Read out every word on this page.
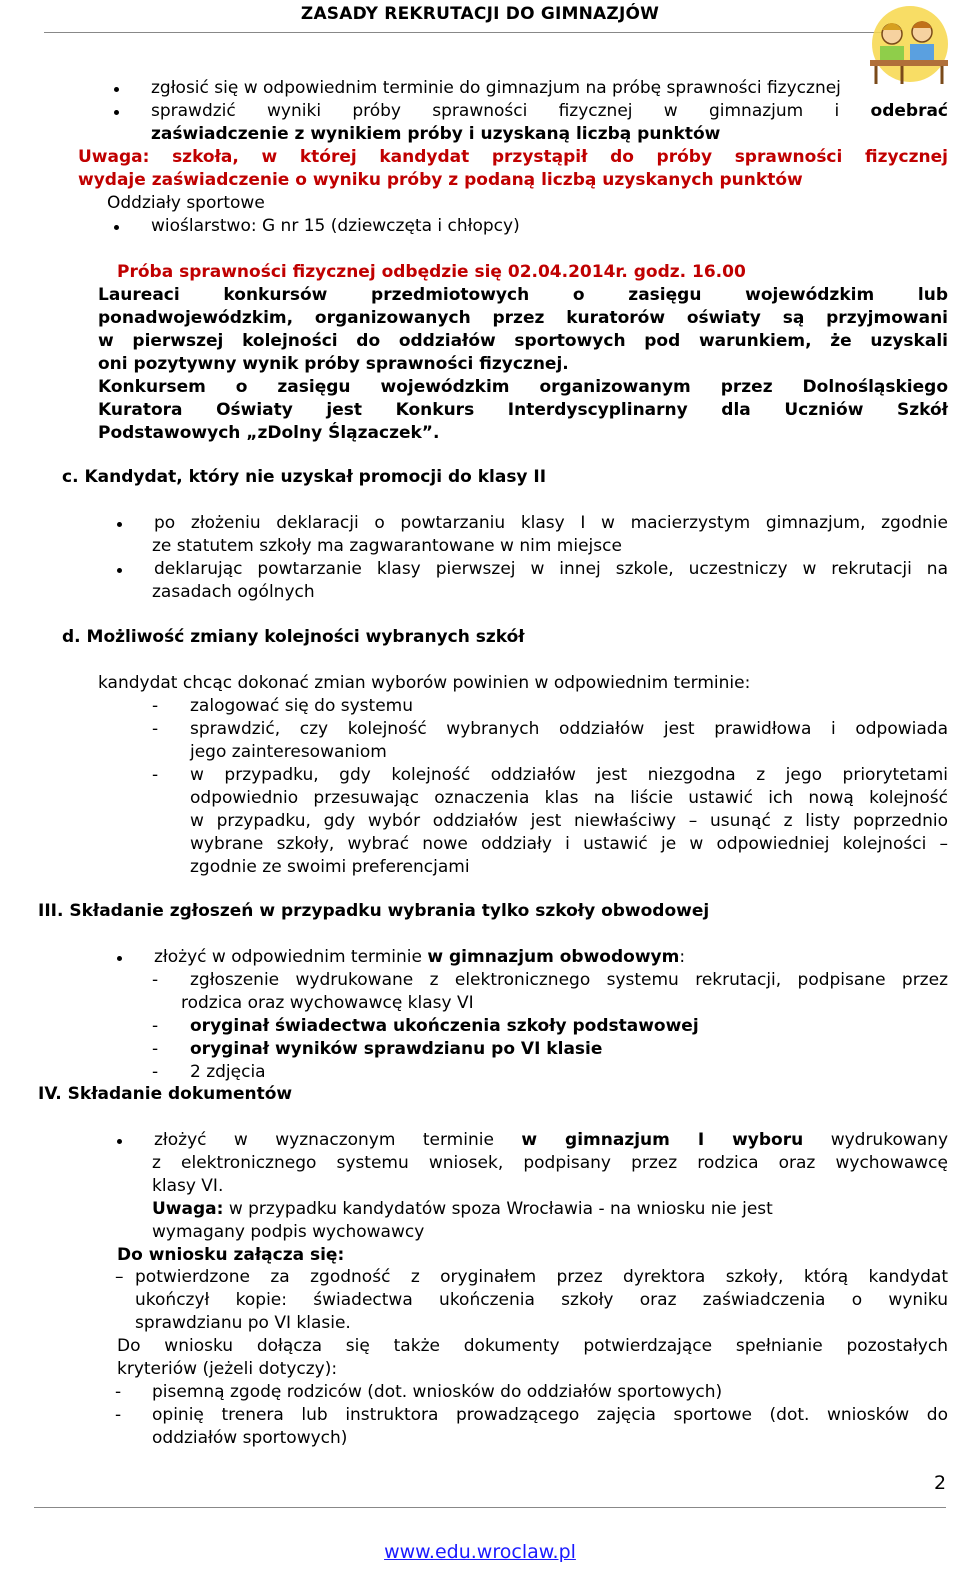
ZASADY REKRUTACJI DO GIMNAZJÓW
zgłosić się w odpowiednim terminie do gimnazjum na próbę sprawności fizycznej
sprawdzić wyniki próby sprawności fizycznej w gimnazjum i odebrać
zaświadczenie z wynikiem próby i uzyskaną liczbą punktów
Uwaga: szkoła, w której kandydat przystąpił do próby sprawności fizycznej
wydaje zaświadczenie o wyniku próby z podaną liczbą uzyskanych punktów
Oddziały sportowe
wioślarstwo: G nr 15 (dziewczęta i chłopcy)
Próba sprawności fizycznej odbędzie się 02.04.2014r. godz. 16.00
Laureaci konkursów przedmiotowych o zasięgu wojewódzkim lub
ponadwojewódzkim, organizowanych przez kuratorów oświaty są przyjmowani
w pierwszej kolejności do oddziałów sportowych pod warunkiem, że uzyskali
oni pozytywny wynik próby sprawności fizycznej.
Konkursem o zasięgu wojewódzkim organizowanym przez Dolnośląskiego
Kuratora Oświaty jest Konkurs Interdyscyplinarny dla Uczniów Szkół
Podstawowych „zDolny Ślązaczek”.
c. Kandydat, który nie uzyskał promocji do klasy II
po złożeniu deklaracji o powtarzaniu klasy I w macierzystym gimnazjum, zgodnie
ze statutem szkoły ma zagwarantowane w nim miejsce
deklarując powtarzanie klasy pierwszej w innej szkole, uczestniczy w rekrutacji na
zasadach ogólnych
d. Możliwość zmiany kolejności wybranych szkół
kandydat chcąc dokonać zmian wyborów powinien w odpowiednim terminie:
- zalogować się do systemu
- sprawdzić, czy kolejność wybranych oddziałów jest prawidłowa i odpowiada
jego zainteresowaniom
- w przypadku, gdy kolejność oddziałów jest niezgodna z jego priorytetami
odpowiednio przesuwając oznaczenia klas na liście ustawić ich nową kolejność
w przypadku, gdy wybór oddziałów jest niewłaściwy – usunąć z listy poprzednio
wybrane szkoły, wybrać nowe oddziały i ustawić je w odpowiedniej kolejności –
zgodnie ze swoimi preferencjami
III. Składanie zgłoszeń w przypadku wybrania tylko szkoły obwodowej
złożyć w odpowiednim terminie w gimnazjum obwodowym:
- zgłoszenie wydrukowane z elektronicznego systemu rekrutacji, podpisane przez
rodzica oraz wychowawcę klasy VI
- oryginał świadectwa ukończenia szkoły podstawowej
- oryginał wyników sprawdzianu po VI klasie
- 2 zdjęcia
IV. Składanie dokumentów
złożyć w wyznaczonym terminie w gimnazjum I wyboru wydrukowany
z elektronicznego systemu wniosek, podpisany przez rodzica oraz wychowawcę
klasy VI.
Uwaga: w przypadku kandydatów spoza Wrocławia - na wniosku nie jest
wymagany podpis wychowawcy
Do wniosku załącza się:
– potwierdzone za zgodność z oryginałem przez dyrektora szkoły, którą kandydat
ukończył kopie: świadectwa ukończenia szkoły oraz zaświadczenia o wyniku
sprawdzianu po VI klasie.
Do wniosku dołącza się także dokumenty potwierdzające spełnianie pozostałych
kryteriów (jeżeli dotyczy):
- pisemną zgodę rodziców (dot. wniosków do oddziałów sportowych)
- opinię trenera lub instruktora prowadzącego zajęcia sportowe (dot. wniosków do
oddziałów sportowych)
2
www.edu.wroclaw.pl
